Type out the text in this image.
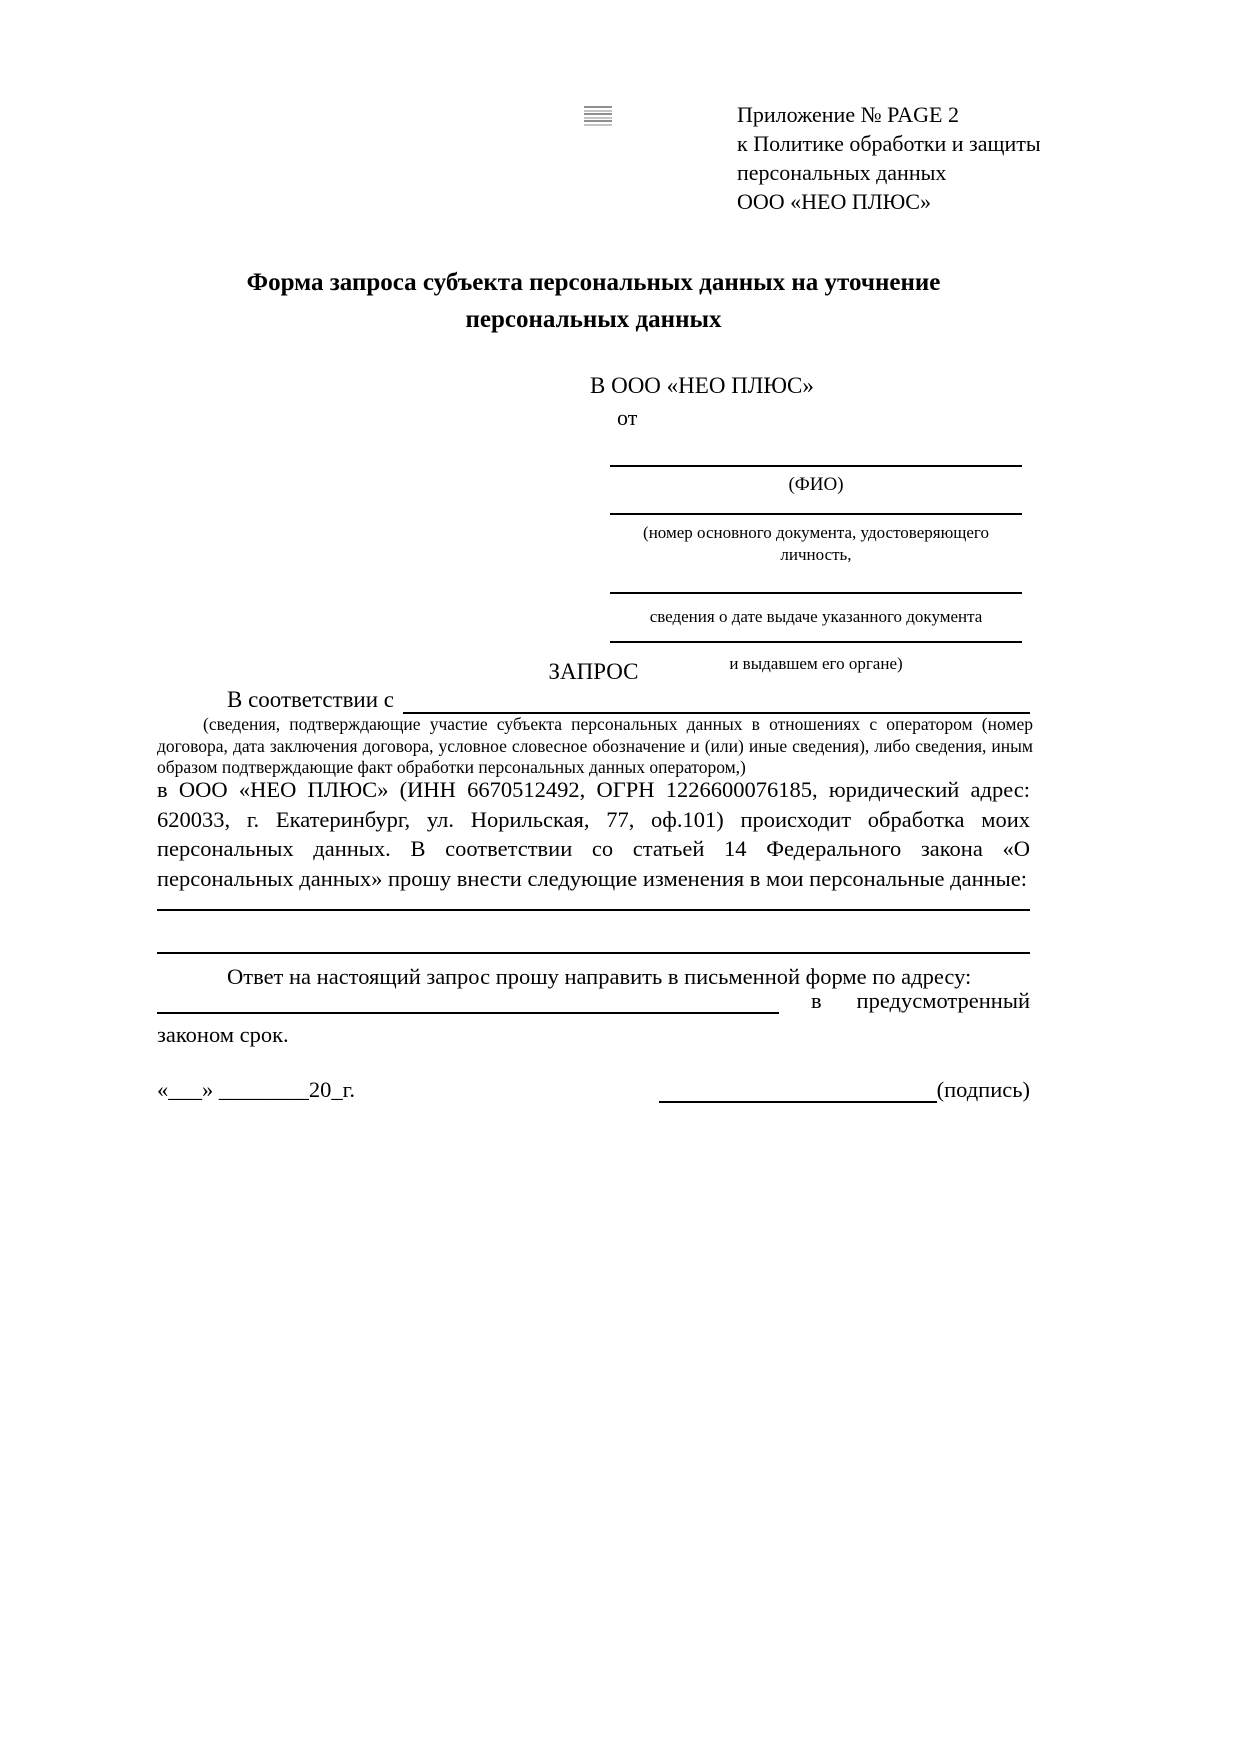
Приложение № PAGE 2
к Политике обработки и защиты
персональных данных
ООО «НЕО ПЛЮС»
Форма запроса субъекта персональных данных на уточнение персональных данных
В ООО «НЕО ПЛЮС»
от
(ФИО)
(номер основного документа, удостоверяющего личность,
сведения о дате выдаче указанного документа
и выдавшем его органе)
ЗАПРОС
В соответствии с
(сведения, подтверждающие участие субъекта персональных данных в отношениях с оператором (номер договора, дата заключения договора, условное словесное обозначение и (или) иные сведения), либо сведения, иным образом подтверждающие факт обработки персональных данных оператором,)
в ООО «НЕО ПЛЮС» (ИНН 6670512492, ОГРН 1226600076185, юридический адрес: 620033, г. Екатеринбург, ул. Норильская, 77, оф.101) происходит обработка моих персональных данных. В соответствии со статьей 14 Федерального закона «О персональных данных» прошу внести следующие изменения в мои персональные данные:
Ответ на настоящий запрос прошу направить в письменной форме по адресу:
в предусмотренный
законом срок.
«___» ________20_г.	(подпись)
